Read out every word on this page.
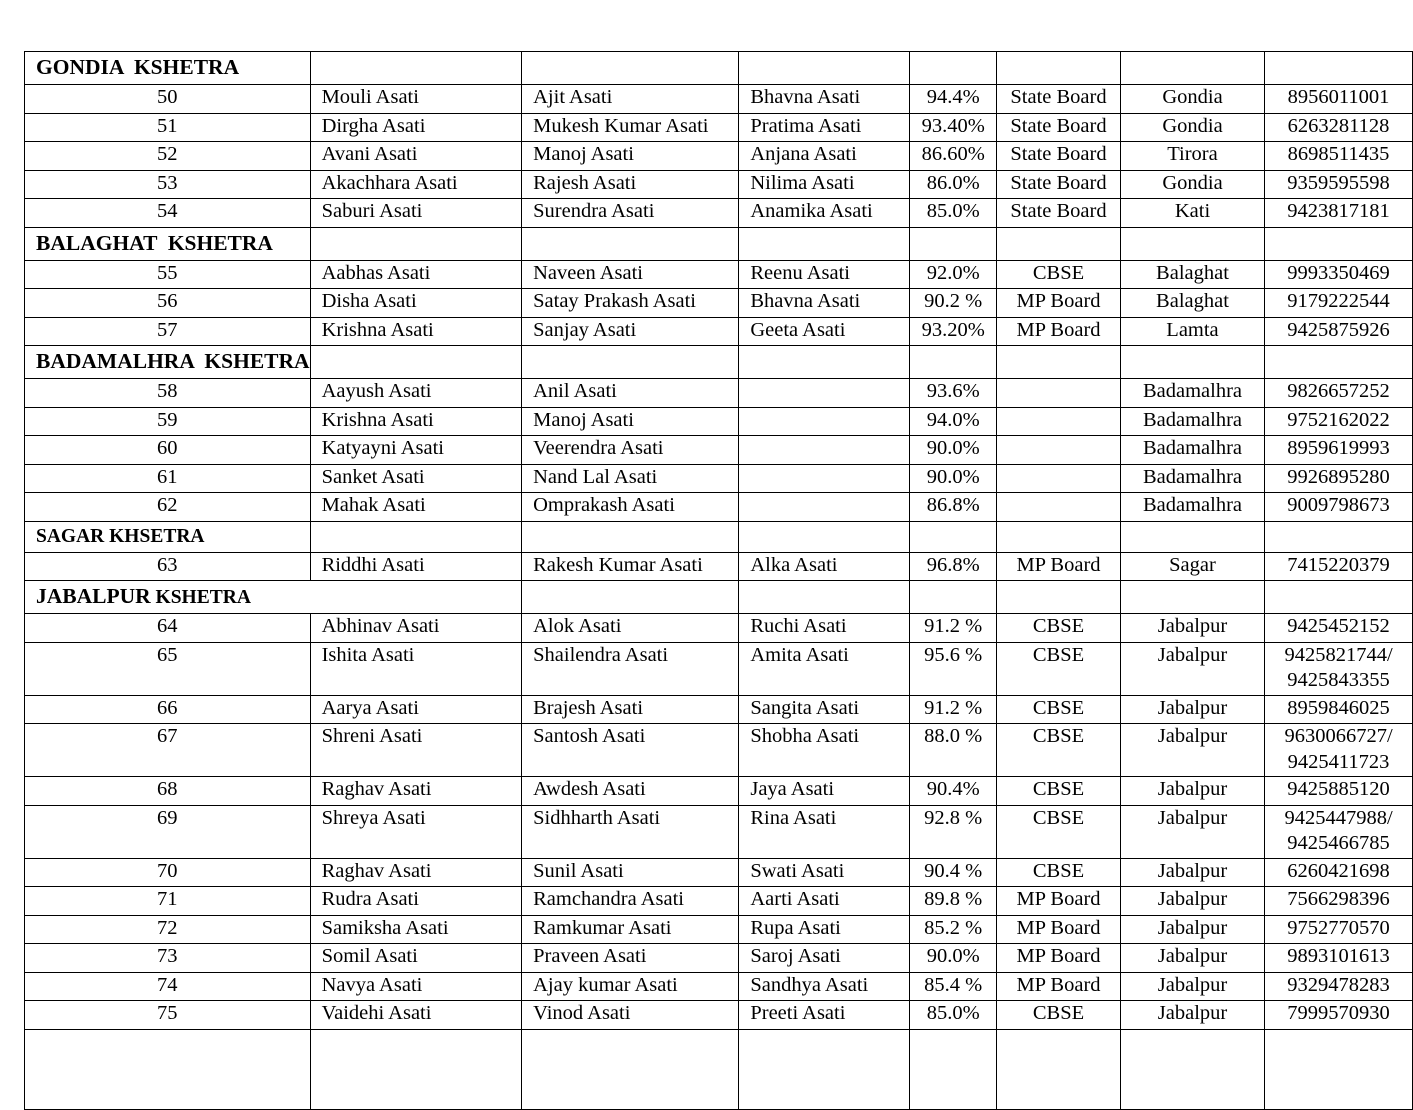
GONDIA  KSHETRA							
50	Mouli Asati	Ajit Asati	Bhavna Asati	94.4%	State Board	Gondia	8956011001

51	Dirgha Asati	Mukesh Kumar Asati	Pratima Asati	93.40%	State Board	Gondia	6263281128

52	Avani Asati	Manoj Asati	Anjana Asati	86.60%	State Board	Tirora	8698511435

53	Akachhara Asati	Rajesh Asati	Nilima Asati	86.0%	State Board	Gondia	9359595598

54	Saburi Asati	Surendra Asati	Anamika Asati	85.0%	State Board	Kati	9423817181

BALAGHAT  KSHETRA							
55	Aabhas Asati	Naveen Asati	Reenu Asati	92.0%	CBSE	Balaghat	9993350469

56	Disha Asati	Satay Prakash Asati	Bhavna Asati	90.2 %	MP Board	Balaghat	9179222544

57	Krishna Asati	Sanjay Asati	Geeta Asati	93.20%	MP Board	Lamta	9425875926

BADAMALHRA  KSHETRA							
58	Aayush Asati	Anil Asati		93.6%		Badamalhra	9826657252

59	Krishna Asati	Manoj Asati		94.0%		Badamalhra	9752162022

60	Katyayni Asati	Veerendra Asati		90.0%		Badamalhra	8959619993

61	Sanket Asati	Nand Lal Asati		90.0%		Badamalhra	9926895280

62	Mahak Asati	Omprakash Asati		86.8%		Badamalhra	9009798673

SAGAR KHSETRA							
63	Riddhi Asati	Rakesh Kumar Asati	Alka Asati	96.8%	MP Board	Sagar	7415220379

JABALPUR KSHETRA							
64	Abhinav Asati	Alok Asati	Ruchi Asati	91.2 %	CBSE	Jabalpur	9425452152

65	Ishita Asati	Shailendra Asati	Amita Asati	95.6 %	CBSE	Jabalpur	9425821744/
9425843355

66	Aarya Asati	Brajesh Asati	Sangita Asati	91.2 %	CBSE	Jabalpur	8959846025

67	Shreni Asati	Santosh Asati	Shobha Asati	88.0 %	CBSE	Jabalpur	9630066727/
9425411723

68	Raghav Asati	Awdesh Asati	Jaya Asati	90.4%	CBSE	Jabalpur	9425885120

69	Shreya Asati	Sidhharth Asati	Rina Asati	92.8 %	CBSE	Jabalpur	9425447988/
9425466785

70	Raghav Asati	Sunil Asati	Swati Asati	90.4 %	CBSE	Jabalpur	6260421698

71	Rudra Asati	Ramchandra Asati	Aarti Asati	89.8 %	MP Board	Jabalpur	7566298396

72	Samiksha Asati	Ramkumar Asati	Rupa Asati	85.2 %	MP Board	Jabalpur	9752770570

73	Somil Asati	Praveen Asati	Saroj Asati	90.0%	MP Board	Jabalpur	9893101613

74	Navya Asati	Ajay kumar Asati	Sandhya Asati	85.4 %	MP Board	Jabalpur	9329478283

75	Vaidehi Asati	Vinod Asati	Preeti Asati	85.0%	CBSE	Jabalpur	7999570930
